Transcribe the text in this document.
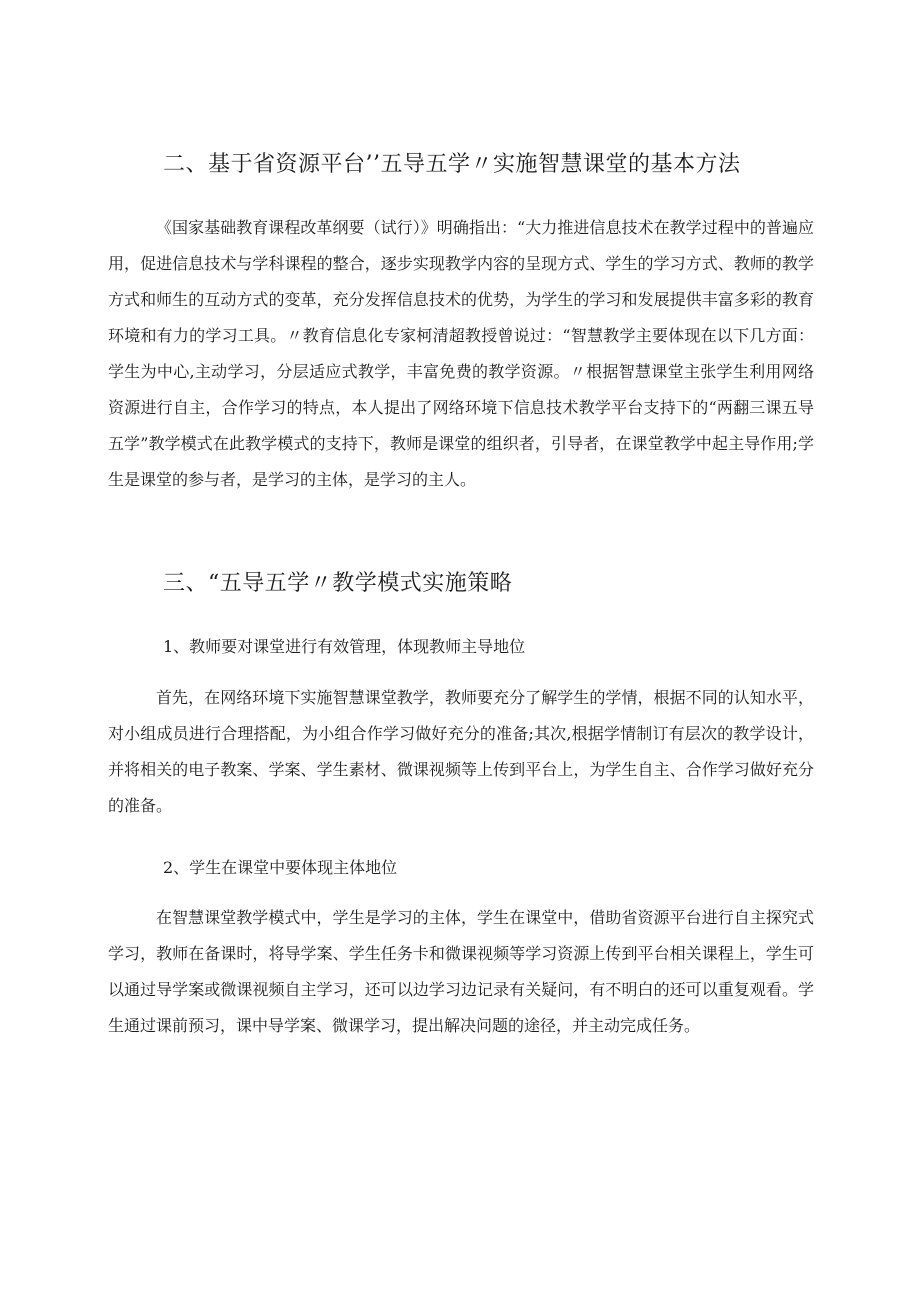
二、基于省资源平台’’五导五学〃实施智慧课堂的基本方法

《国家基础教育课程改革纲要（试行）》明确指出：“大力推进信息技术在教学过程中的普遍应用，促进信息技术与学科课程的整合，逐步实现教学内容的呈现方式、学生的学习方式、教师的教学方式和师生的互动方式的变革，充分发挥信息技术的优势，为学生的学习和发展提供丰富多彩的教育环境和有力的学习工具。〃教育信息化专家柯清超教授曾说过：“智慧教学主要体现在以下几方面：学生为中心,主动学习，分层适应式教学，丰富免费的教学资源。〃根据智慧课堂主张学生利用网络资源进行自主，合作学习的特点，本人提出了网络环境下信息技术教学平台支持下的“两翻三课五导五学”教学模式在此教学模式的支持下，教师是课堂的组织者，引导者，在课堂教学中起主导作用;学生是课堂的参与者，是学习的主体，是学习的主人。

三、“五导五学〃教学模式实施策略
1、教师要对课堂进行有效管理，体现教师主导地位

首先，在网络环境下实施智慧课堂教学，教师要充分了解学生的学情，根据不同的认知水平，对小组成员进行合理搭配，为小组合作学习做好充分的准备;其次,根据学情制订有层次的教学设计，并将相关的电子教案、学案、学生素材、微课视频等上传到平台上，为学生自主、合作学习做好充分的准备。

2、学生在课堂中要体现主体地位

在智慧课堂教学模式中，学生是学习的主体，学生在课堂中，借助省资源平台进行自主探究式学习，教师在备课时，将导学案、学生任务卡和微课视频等学习资源上传到平台相关课程上，学生可以通过导学案或微课视频自主学习，还可以边学习边记录有关疑问，有不明白的还可以重复观看。学生通过课前预习，课中导学案、微课学习，提出解决问题的途径，并主动完成任务。
